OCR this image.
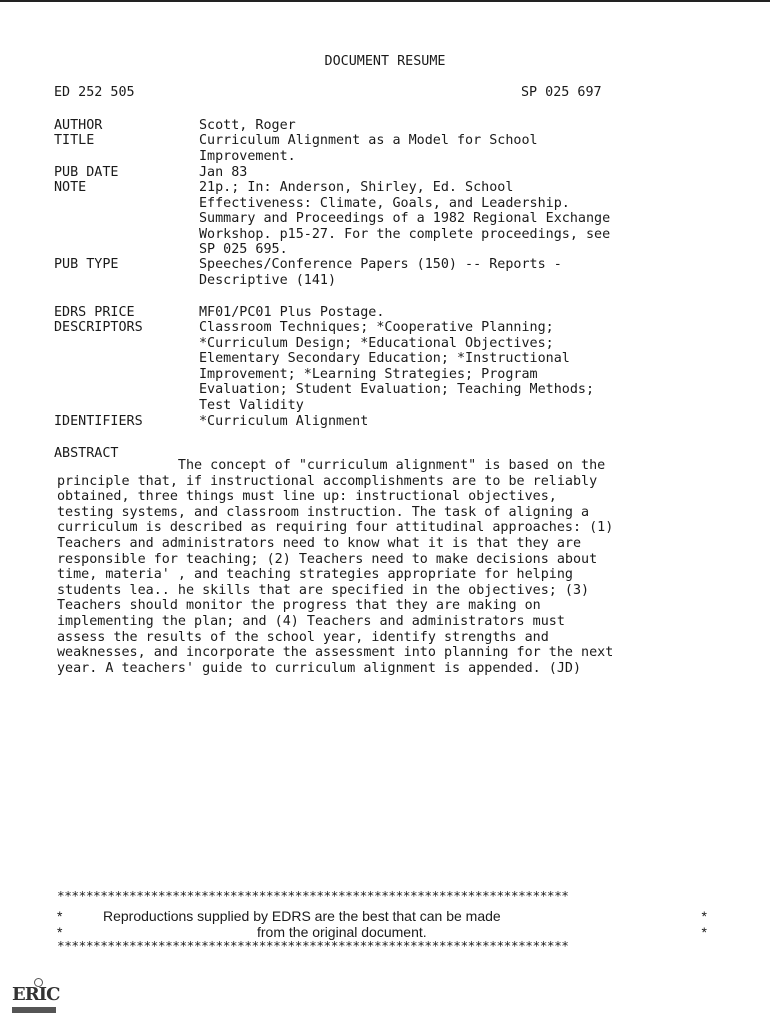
DOCUMENT RESUME
ED 252 505	SP 025 697
AUTHOR	Scott, Roger
TITLE	Curriculum Alignment as a Model for School
Improvement.
PUB DATE	Jan 83
NOTE	21p.; In: Anderson, Shirley, Ed. School
Effectiveness: Climate, Goals, and Leadership.
Summary and Proceedings of a 1982 Regional Exchange
Workshop. p15-27. For the complete proceedings, see
SP 025 695.
PUB TYPE	Speeches/Conference Papers (150) -- Reports -
Descriptive (141)
EDRS PRICE	MF01/PC01 Plus Postage.
DESCRIPTORS	Classroom Techniques; *Cooperative Planning;
*Curriculum Design; *Educational Objectives;
Elementary Secondary Education; *Instructional
Improvement; *Learning Strategies; Program
Evaluation; Student Evaluation; Teaching Methods;
Test Validity
IDENTIFIERS	*Curriculum Alignment
ABSTRACT
The concept of "curriculum alignment" is based on the
principle that, if instructional accomplishments are to be reliably
obtained, three things must line up: instructional objectives,
testing systems, and classroom instruction. The task of aligning a
curriculum is described as requiring four attitudinal approaches: (1)
Teachers and administrators need to know what it is that they are
responsible for teaching; (2) Teachers need to make decisions about
time, materia' , and teaching strategies appropriate for helping
students lea.. he skills that are specified in the objectives; (3)
Teachers should monitor the progress that they are making on
implementing the plan; and (4) Teachers and administrators must
assess the results of the school year, identify strengths and
weaknesses, and incorporate the assessment into planning for the next
year. A teachers' guide to curriculum alignment is appended. (JD)
***********************************************************************
*	Reproductions supplied by EDRS are the best that can be made	*
*	from the original document.	*
***********************************************************************
ERIC
